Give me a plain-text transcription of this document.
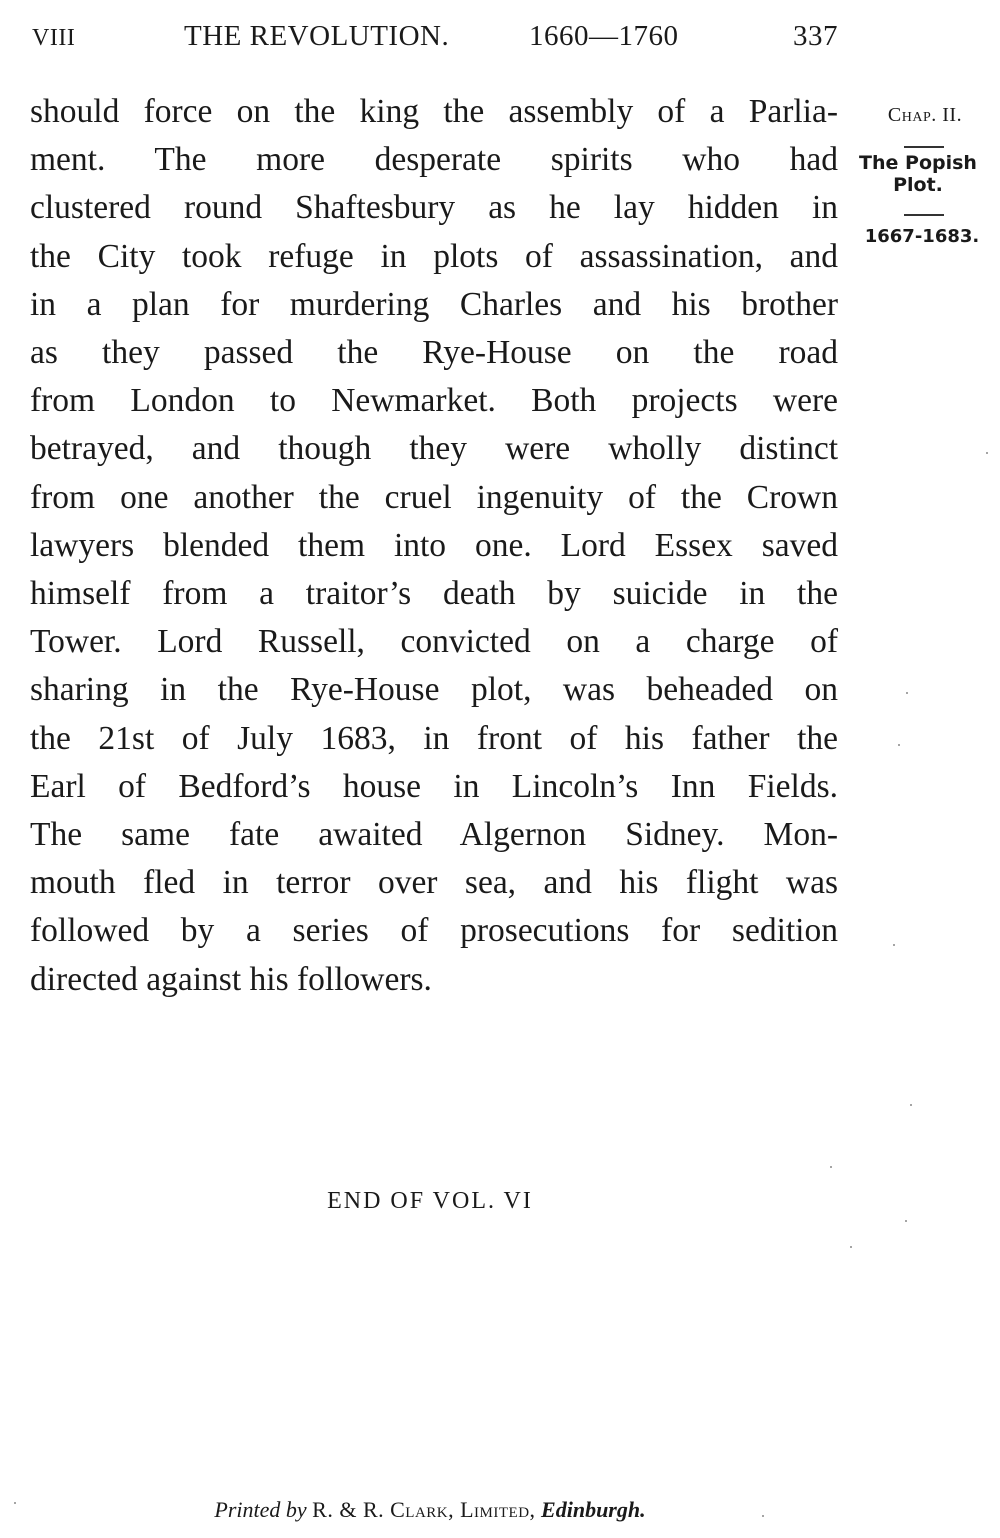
VIII	THE REVOLUTION.	1660—1760	337
should force on the king the assembly of a Parlia-
ment. The more desperate spirits who had
clustered round Shaftesbury as he lay hidden in
the City took refuge in plots of assassination, and
in a plan for murdering Charles and his brother
as they passed the Rye-House on the road
from London to Newmarket. Both projects were
betrayed, and though they were wholly distinct
from one another the cruel ingenuity of the Crown
lawyers blended them into one. Lord Essex saved
himself from a traitor’s death by suicide in the
Tower. Lord Russell, convicted on a charge of
sharing in the Rye-House plot, was beheaded on
the 21st of July 1683, in front of his father the
Earl of Bedford’s house in Lincoln’s Inn Fields.
The same fate awaited Algernon Sidney. Mon-
mouth fled in terror over sea, and his flight was
followed by a series of prosecutions for sedition
directed against his followers.
Chap. II.
The Popish Plot.
1667-1683.
END OF VOL. VI
Printed by R. & R. Clark, Limited, Edinburgh.
